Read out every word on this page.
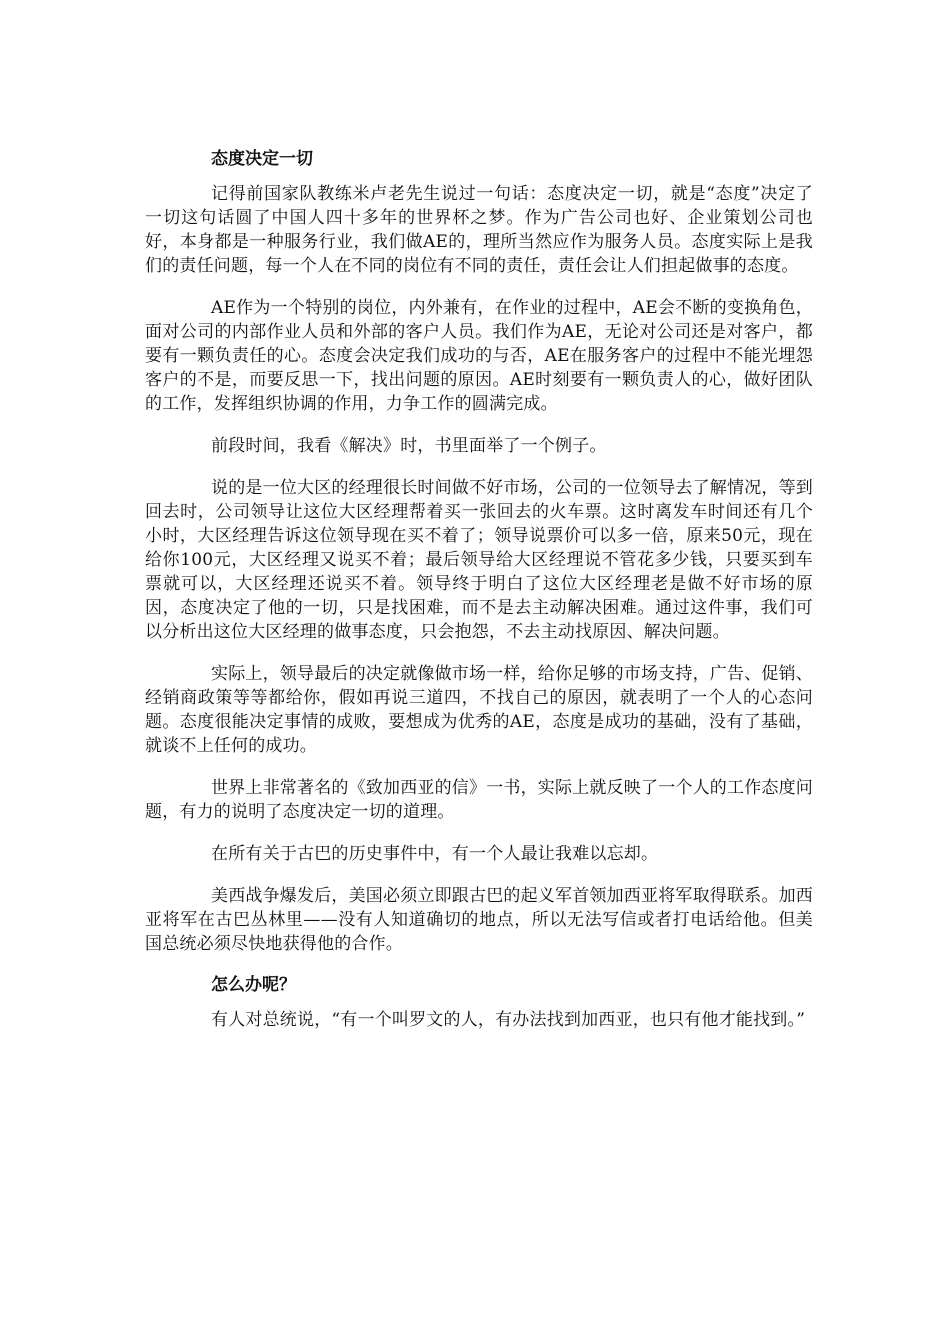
态度决定一切

记得前国家队教练米卢老先生说过一句话：态度决定一切，就是“态度”决定了一切这句话圆了中国人四十多年的世界杯之梦。作为广告公司也好、企业策划公司也好，本身都是一种服务行业，我们做AE的，理所当然应作为服务人员。态度实际上是我们的责任问题，每一个人在不同的岗位有不同的责任，责任会让人们担起做事的态度。

AE作为一个特别的岗位，内外兼有，在作业的过程中，AE会不断的变换角色，面对公司的内部作业人员和外部的客户人员。我们作为AE，无论对公司还是对客户，都要有一颗负责任的心。态度会决定我们成功的与否，AE在服务客户的过程中不能光埋怨客户的不是，而要反思一下，找出问题的原因。AE时刻要有一颗负责人的心，做好团队的工作，发挥组织协调的作用，力争工作的圆满完成。

前段时间，我看《解决》时，书里面举了一个例子。

说的是一位大区的经理很长时间做不好市场，公司的一位领导去了解情况，等到回去时，公司领导让这位大区经理帮着买一张回去的火车票。这时离发车时间还有几个小时，大区经理告诉这位领导现在买不着了；领导说票价可以多一倍，原来50元，现在给你100元，大区经理又说买不着；最后领导给大区经理说不管花多少钱，只要买到车票就可以，大区经理还说买不着。领导终于明白了这位大区经理老是做不好市场的原因，态度决定了他的一切，只是找困难，而不是去主动解决困难。通过这件事，我们可以分析出这位大区经理的做事态度，只会抱怨，不去主动找原因、解决问题。

实际上，领导最后的决定就像做市场一样，给你足够的市场支持，广告、促销、经销商政策等等都给你，假如再说三道四，不找自己的原因，就表明了一个人的心态问题。态度很能决定事情的成败，要想成为优秀的AE，态度是成功的基础，没有了基础，就谈不上任何的成功。

世界上非常著名的《致加西亚的信》一书，实际上就反映了一个人的工作态度问题，有力的说明了态度决定一切的道理。

在所有关于古巴的历史事件中，有一个人最让我难以忘却。

美西战争爆发后，美国必须立即跟古巴的起义军首领加西亚将军取得联系。加西亚将军在古巴丛林里——没有人知道确切的地点，所以无法写信或者打电话给他。但美国总统必须尽快地获得他的合作。

怎么办呢？

有人对总统说，“有一个叫罗文的人，有办法找到加西亚，也只有他才能找到。”
